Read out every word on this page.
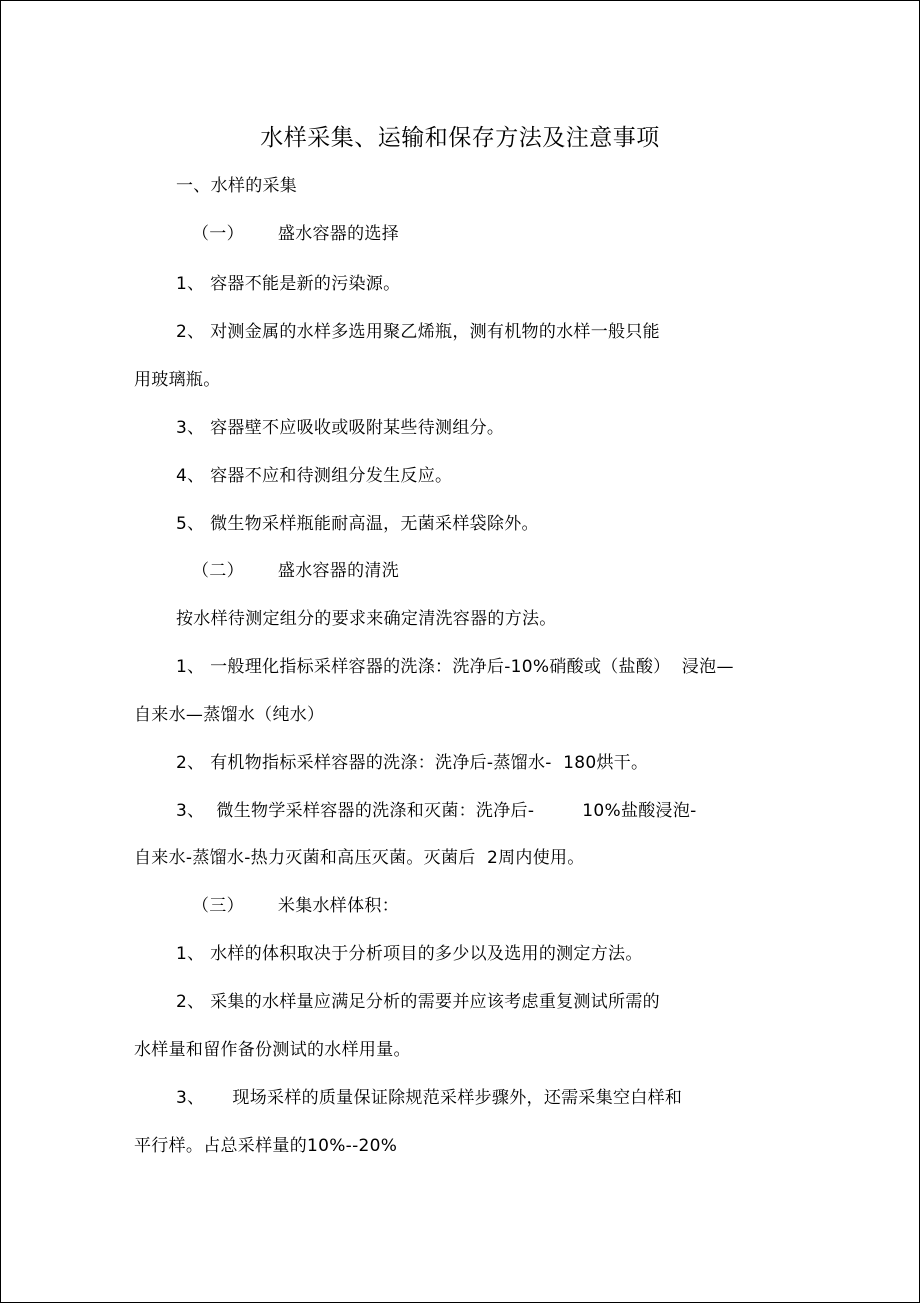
水样采集、运输和保存方法及注意事项
一、水样的采集
（一） 盛水容器的选择
1、 容器不能是新的污染源。
2、 对测金属的水样多选用聚乙烯瓶，测有机物的水样一般只能
用玻璃瓶。
3、 容器壁不应吸收或吸附某些待测组分。
4、 容器不应和待测组分发生反应。
5、 微生物采样瓶能耐高温，无菌采样袋除外。
（二） 盛水容器的清洗
按水样待测定组分的要求来确定清洗容器的方法。
1、 一般理化指标采样容器的洗涤：洗净后-10%硝酸或（盐酸）  浸泡—
自来水—蒸馏水（纯水）
2、 有机物指标采样容器的洗涤：洗净后-蒸馏水-  180烘干。
3、 微生物学采样容器的洗涤和灭菌：洗净后-	10%盐酸浸泡-
自来水-蒸馏水-热力灭菌和高压灭菌。灭菌后  2周内使用。
（三） 米集水样体积：
1、 水样的体积取决于分析项目的多少以及选用的测定方法。
2、 采集的水样量应满足分析的需要并应该考虑重复测试所需的
水样量和留作备份测试的水样用量。
3、 现场采样的质量保证除规范采样步骤外，还需采集空白样和
平行样。占总采样量的10%--20%
